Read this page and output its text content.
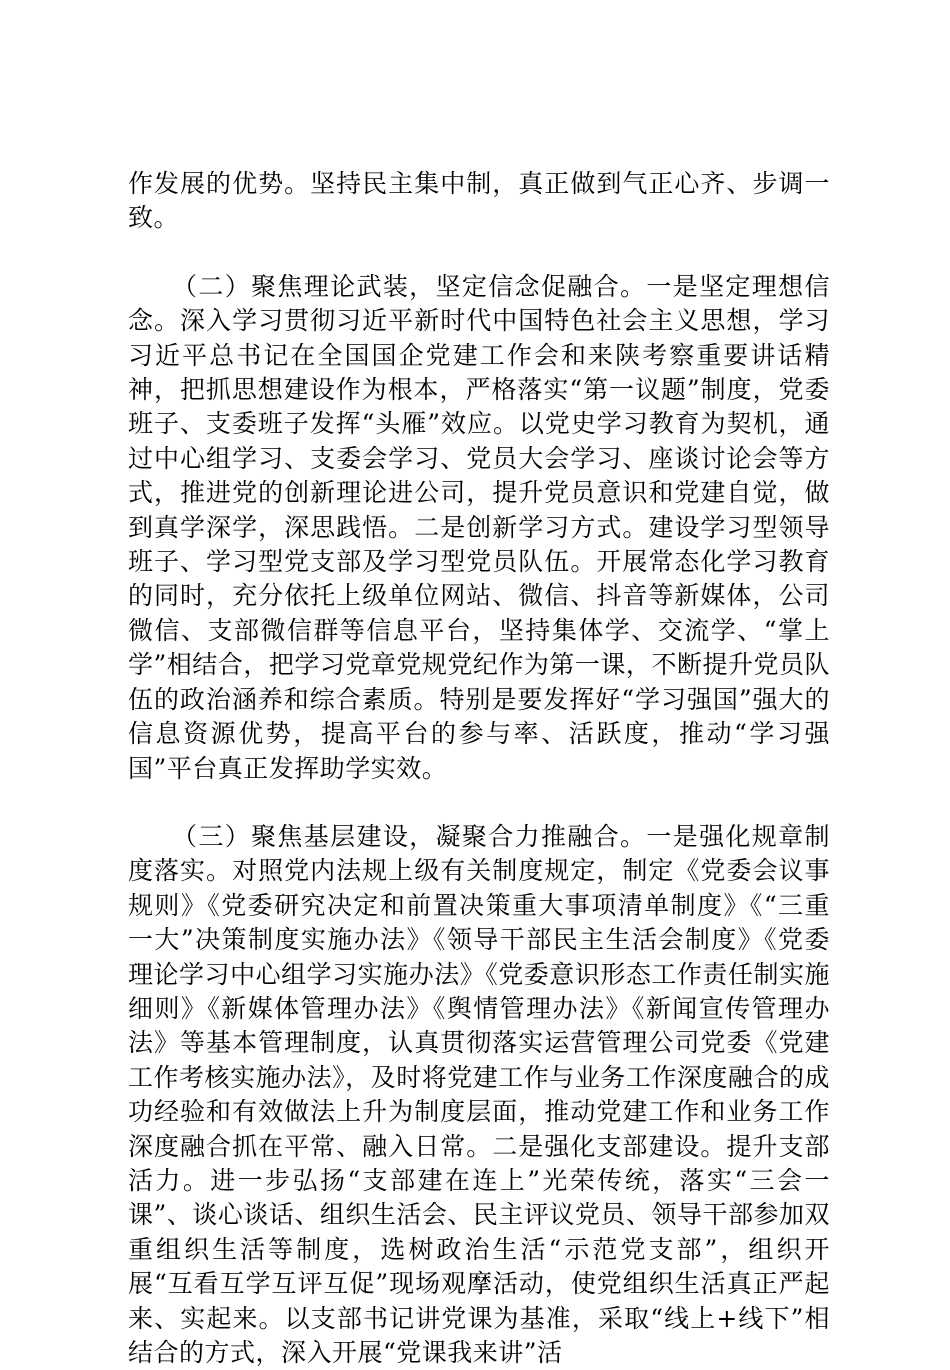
作发展的优势。坚持民主集中制，真正做到气正心齐、步调一致。

（二）聚焦理论武装，坚定信念促融合。一是坚定理想信念。深入学习贯彻习近平新时代中国特色社会主义思想，学习习近平总书记在全国国企党建工作会和来陕考察重要讲话精神，把抓思想建设作为根本，严格落实“第一议题”制度，党委班子、支委班子发挥“头雁”效应。以党史学习教育为契机，通过中心组学习、支委会学习、党员大会学习、座谈讨论会等方式，推进党的创新理论进公司，提升党员意识和党建自觉，做到真学深学，深思践悟。二是创新学习方式。建设学习型领导班子、学习型党支部及学习型党员队伍。开展常态化学习教育的同时，充分依托上级单位网站、微信、抖音等新媒体，公司微信、支部微信群等信息平台，坚持集体学、交流学、“掌上学”相结合，把学习党章党规党纪作为第一课，不断提升党员队伍的政治涵养和综合素质。特别是要发挥好“学习强国”强大的信息资源优势，提高平台的参与率、活跃度，推动“学习强国”平台真正发挥助学实效。

（三）聚焦基层建设，凝聚合力推融合。一是强化规章制度落实。对照党内法规上级有关制度规定，制定《党委会议事规则》《党委研究决定和前置决策重大事项清单制度》《“三重一大”决策制度实施办法》《领导干部民主生活会制度》《党委理论学习中心组学习实施办法》《党委意识形态工作责任制实施细则》《新媒体管理办法》《舆情管理办法》《新闻宣传管理办法》等基本管理制度，认真贯彻落实运营管理公司党委《党建工作考核实施办法》，及时将党建工作与业务工作深度融合的成功经验和有效做法上升为制度层面，推动党建工作和业务工作深度融合抓在平常、融入日常。二是强化支部建设。提升支部活力。进一步弘扬“支部建在连上”光荣传统，落实“三会一课”、谈心谈话、组织生活会、民主评议党员、领导干部参加双重组织生活等制度，选树政治生活“示范党支部”，组织开展“互看互学互评互促”现场观摩活动，使党组织生活真正严起来、实起来。以支部书记讲党课为基准，采取“线上+线下”相结合的方式，深入开展“党课我来讲”活
